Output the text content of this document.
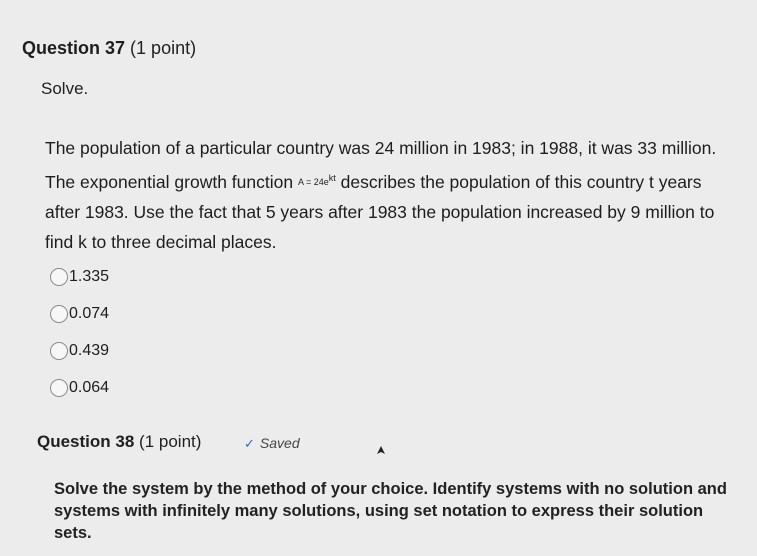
Question 37 (1 point)
Solve.
The population of a particular country was 24 million in 1983; in 1988, it was 33 million. The exponential growth function $A = 24e^{kt}$ describes the population of this country t years after 1983. Use the fact that 5 years after 1983 the population increased by 9 million to find k to three decimal places.
1.335
0.074
0.439
0.064
Question 38 (1 point)	✓ Saved
Solve the system by the method of your choice. Identify systems with no solution and systems with infinitely many solutions, using set notation to express their solution sets.
